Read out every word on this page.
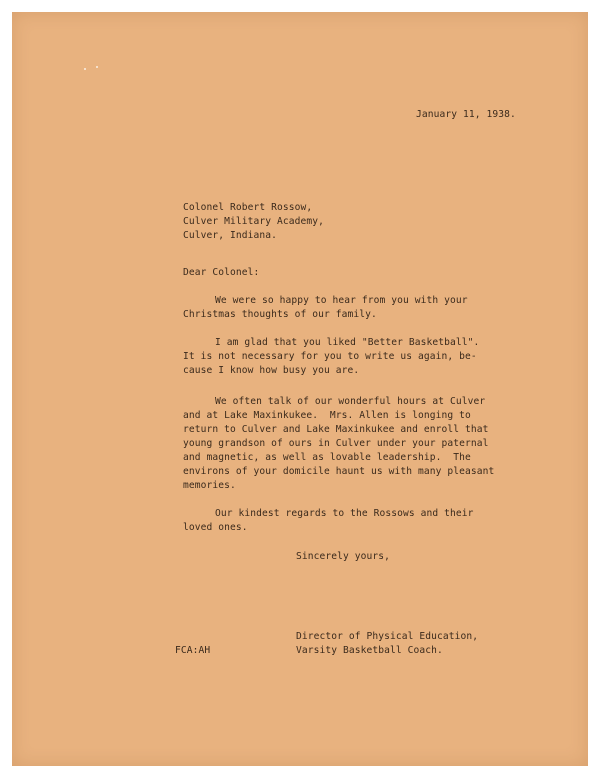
January 11, 1938.
Colonel Robert Rossow,
Culver Military Academy,
Culver, Indiana.
Dear Colonel:
We were so happy to hear from you with your
Christmas thoughts of our family.
I am glad that you liked "Better Basketball".
It is not necessary for you to write us again, be-
cause I know how busy you are.
We often talk of our wonderful hours at Culver
and at Lake Maxinkukee.  Mrs. Allen is longing to
return to Culver and Lake Maxinkukee and enroll that
young grandson of ours in Culver under your paternal
and magnetic, as well as lovable leadership.  The
environs of your domicile haunt us with many pleasant
memories.
Our kindest regards to the Rossows and their
loved ones.
Sincerely yours,
Director of Physical Education,
Varsity Basketball Coach.
FCA:AH
